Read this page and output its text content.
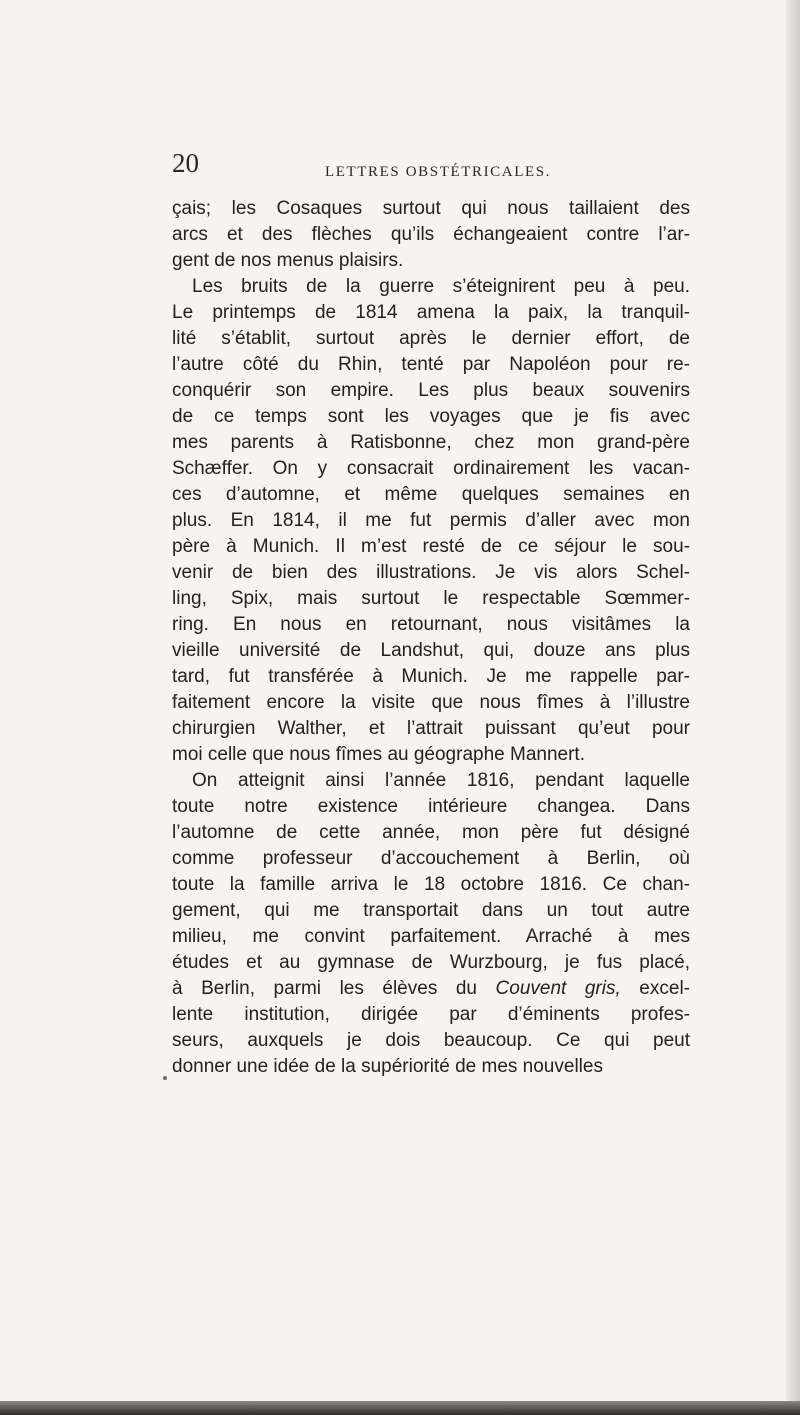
20	LETTRES OBSTÉTRICALES.
çais; les Cosaques surtout qui nous taillaient des
arcs et des flèches qu’ils échangeaient contre l’ar-
gent de nos menus plaisirs.
Les bruits de la guerre s’éteignirent peu à peu.
Le printemps de 1814 amena la paix, la tranquil-
lité s’établit, surtout après le dernier effort, de
l’autre côté du Rhin, tenté par Napoléon pour re-
conquérir son empire. Les plus beaux souvenirs
de ce temps sont les voyages que je fis avec
mes parents à Ratisbonne, chez mon grand-père
Schæffer. On y consacrait ordinairement les vacan-
ces d’automne, et même quelques semaines en
plus. En 1814, il me fut permis d’aller avec mon
père à Munich. Il m’est resté de ce séjour le sou-
venir de bien des illustrations. Je vis alors Schel-
ling, Spix, mais surtout le respectable Sœmmer-
ring. En nous en retournant, nous visitâmes la
vieille université de Landshut, qui, douze ans plus
tard, fut transférée à Munich. Je me rappelle par-
faitement encore la visite que nous fîmes à l’illustre
chirurgien Walther, et l’attrait puissant qu’eut pour
moi celle que nous fîmes au géographe Mannert.
On atteignit ainsi l’année 1816, pendant laquelle
toute notre existence intérieure changea. Dans
l’automne de cette année, mon père fut désigné
comme professeur d’accouchement à Berlin, où
toute la famille arriva le 18 octobre 1816. Ce chan-
gement, qui me transportait dans un tout autre
milieu, me convint parfaitement. Arraché à mes
études et au gymnase de Wurzbourg, je fus placé,
à Berlin, parmi les élèves du Couvent gris, excel-
lente institution, dirigée par d’éminents profes-
seurs, auxquels je dois beaucoup. Ce qui peut
donner une idée de la supériorité de mes nouvelles
